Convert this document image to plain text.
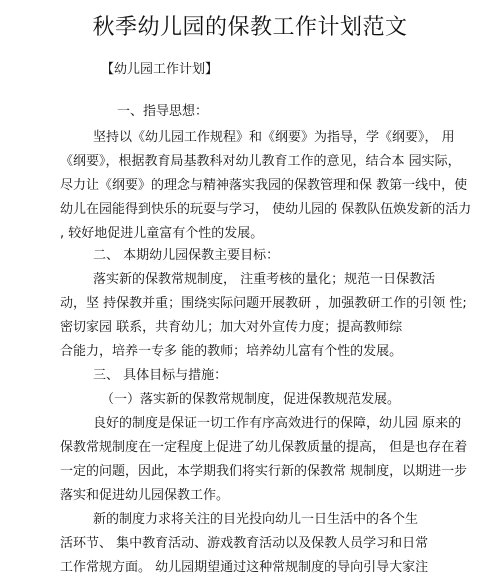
秋季幼儿园的保教工作计划范文
【幼儿园工作计划】
一、指导思想：
坚持以《幼儿园工作规程》和《纲要》为指导，学《纲要》， 用
《纲要》，根据教育局基教科对幼儿教育工作的意见，结合本 园实际，
尽力让《纲要》的理念与精神落实我园的保教管理和保 教第一线中，使
幼儿在园能得到快乐的玩耍与学习， 使幼儿园的 保教队伍焕发新的活力
, 较好地促进儿童富有个性的发展。
二、 本期幼儿园保教主要目标：
落实新的保教常规制度， 注重考核的量化；规范一日保教活
动，坚 持保教并重；围绕实际问题开展教研 ，加强教研工作的引领 性;
密切家园 联系，共育幼儿；加大对外宣传力度；提高教师综
合能力，培养一专多 能的教师；培养幼儿富有个性的发展。
三、 具体目标与措施：
（一）落实新的保教常规制度，促进保教规范发展。
良好的制度是保证一切工作有序高效进行的保障，幼儿园 原来的
保教常规制度在一定程度上促进了幼儿保教质量的提高， 但是也存在着
一定的问题，因此，本学期我们将实行新的保教常 规制度，以期进一步
落实和促进幼儿园保教工作。
新的制度力求将关注的目光投向幼儿一日生活中的各个生
活环节、 集中教育活动、游戏教育活动以及保教人员学习和日常
工作常规方面。 幼儿园期望通过这种常规制度的导向引导大家注
